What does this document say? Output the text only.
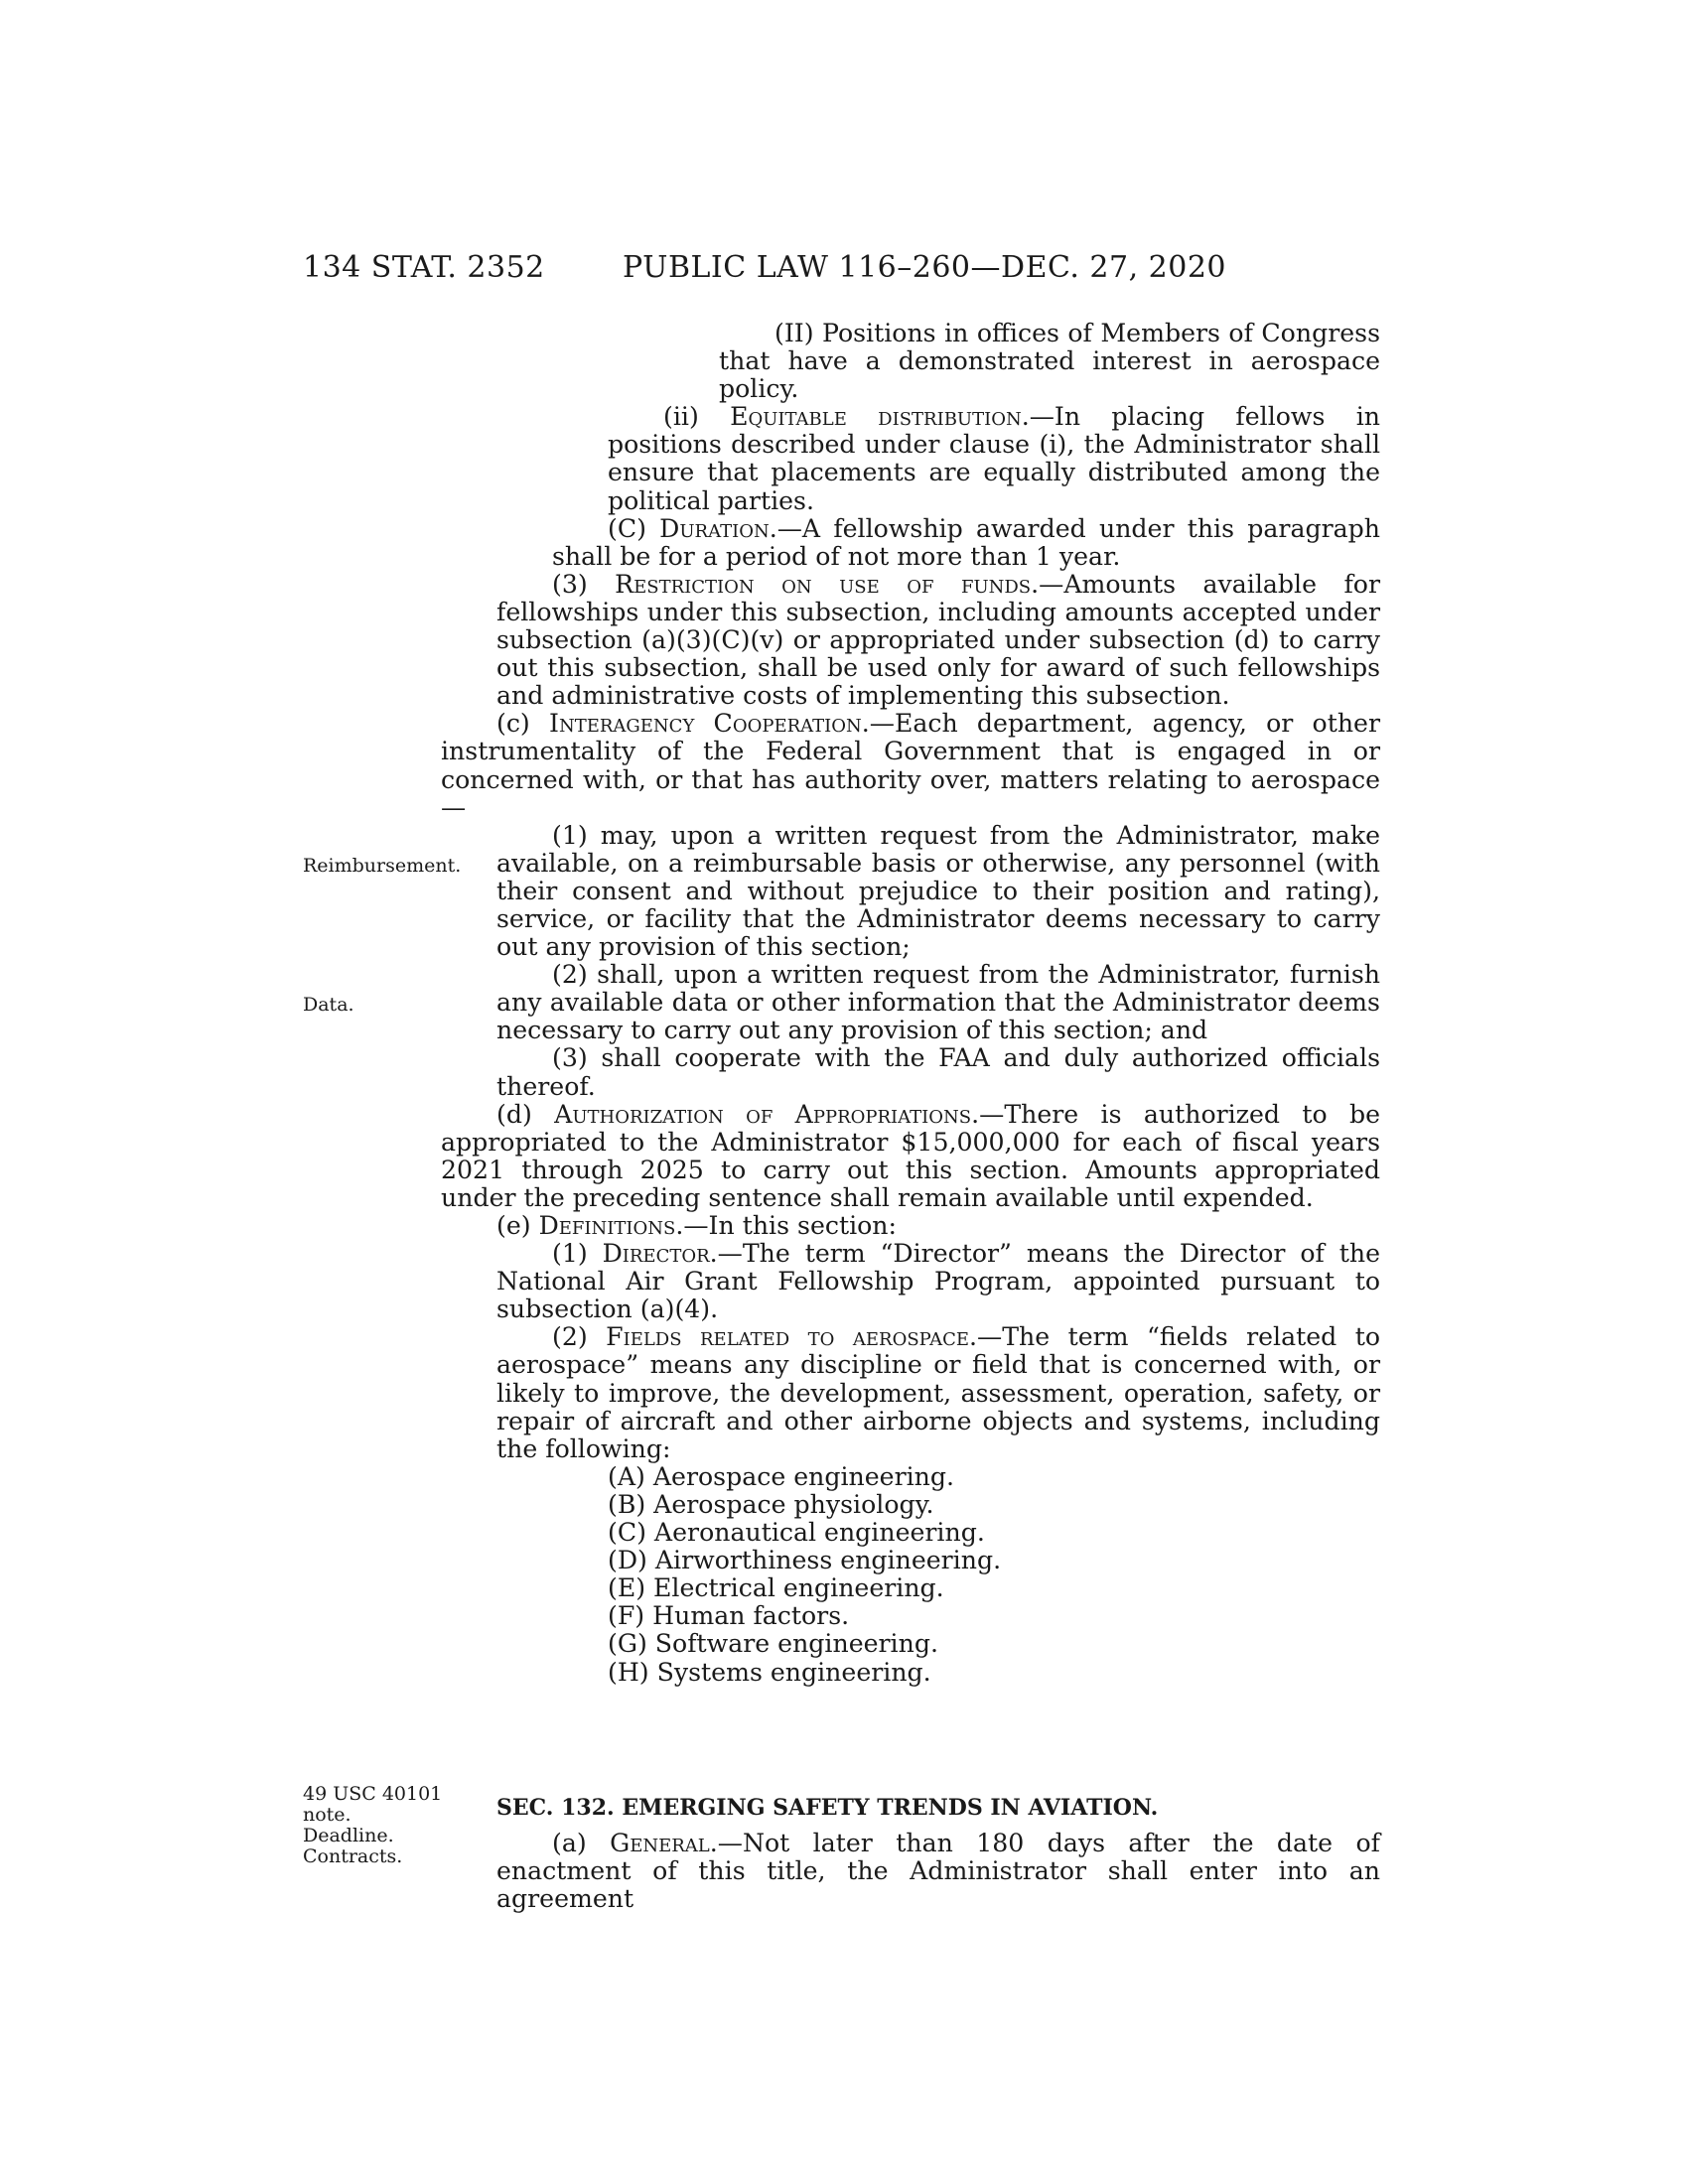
134 STAT. 2352	PUBLIC LAW 116–260—DEC. 27, 2020

(II) Positions in offices of Members of Congress that have a demonstrated interest in aerospace policy.

(ii) Equitable distribution.—In placing fellows in positions described under clause (i), the Administrator shall ensure that placements are equally distributed among the political parties.

(C) Duration.—A fellowship awarded under this paragraph shall be for a period of not more than 1 year.

(3) Restriction on use of funds.—Amounts available for fellowships under this subsection, including amounts accepted under subsection (a)(3)(C)(v) or appropriated under subsection (d) to carry out this subsection, shall be used only for award of such fellowships and administrative costs of implementing this subsection.

(c) Interagency Cooperation.—Each department, agency, or other instrumentality of the Federal Government that is engaged in or concerned with, or that has authority over, matters relating to aerospace—

(1) may, upon a written request from the Administrator, make available, on a reimbursable basis or otherwise, any personnel (with their consent and without prejudice to their position and rating), service, or facility that the Administrator deems necessary to carry out any provision of this section;

(2) shall, upon a written request from the Administrator, furnish any available data or other information that the Administrator deems necessary to carry out any provision of this section; and

(3) shall cooperate with the FAA and duly authorized officials thereof.

(d) Authorization of Appropriations.—There is authorized to be appropriated to the Administrator $15,000,000 for each of fiscal years 2021 through 2025 to carry out this section. Amounts appropriated under the preceding sentence shall remain available until expended.

(e) Definitions.—In this section:

(1) Director.—The term “Director” means the Director of the National Air Grant Fellowship Program, appointed pursuant to subsection (a)(4).

(2) Fields related to aerospace.—The term “fields related to aerospace” means any discipline or field that is concerned with, or likely to improve, the development, assessment, operation, safety, or repair of aircraft and other airborne objects and systems, including the following:

(A) Aerospace engineering.

(B) Aerospace physiology.

(C) Aeronautical engineering.

(D) Airworthiness engineering.

(E) Electrical engineering.

(F) Human factors.

(G) Software engineering.

(H) Systems engineering.

Reimbursement.
Data.
49 USC 40101
note.
Deadline.
Contracts.
SEC. 132. EMERGING SAFETY TRENDS IN AVIATION.

(a) General.—Not later than 180 days after the date of enactment of this title, the Administrator shall enter into an agreement
